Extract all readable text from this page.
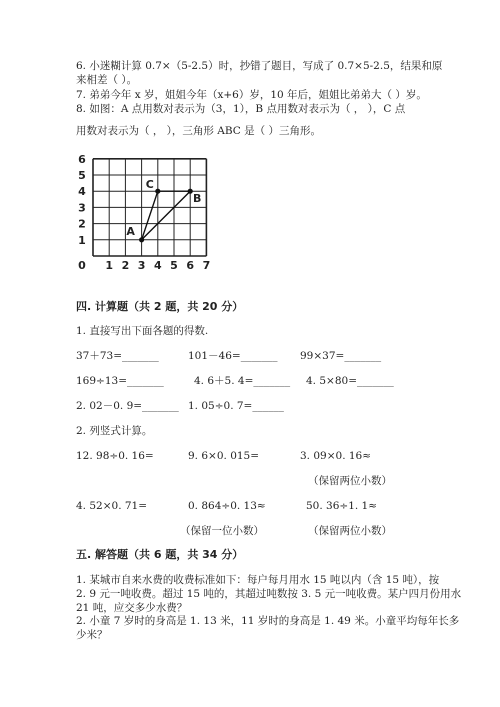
6. 小迷糊计算 0.7×（5-2.5）时，抄错了题目，写成了 0.7×5-2.5，结果和原
来相差（ ）。
7. 弟弟今年 x 岁，姐姐今年（x+6）岁，10 年后，姐姐比弟弟大（ ）岁。
8. 如图：A 点用数对表示为（3，1），B 点用数对表示为（ ， ），C 点
用数对表示为（ ， ），三角形 ABC 是（ ）三角形。
0 1 2 3 4 5 6 7
1
2
3
4
5
6
A
B
C
四. 计算题（共 2 题，共 20 分）
1. 直接写出下面各题的得数.
37＋73=_______	101－46=_______ 99×37=_______
169÷13=_______	4. 6＋5. 4=_______ 4. 5×80=_______
2. 02－0. 9=_______ 1. 05÷0. 7=______
2. 列竖式计算。
12. 98÷0. 16=	9. 6×0. 015=	3. 09×0. 16≈
（保留两位小数）
4. 52×0. 71=	0. 864÷0. 13≈	50. 36÷1. 1≈
（保留一位小数）	（保留两位小数）
五. 解答题（共 6 题，共 34 分）
1. 某城市自来水费的收费标准如下：每户每月用水 15 吨以内（含 15 吨），按
2. 9 元一吨收费。超过 15 吨的，其超过吨数按 3. 5 元一吨收费。某户四月份用水
21 吨，应交多少水费？
2. 小童 7 岁时的身高是 1. 13 米，11 岁时的身高是 1. 49 米。小童平均每年长多
少米？
